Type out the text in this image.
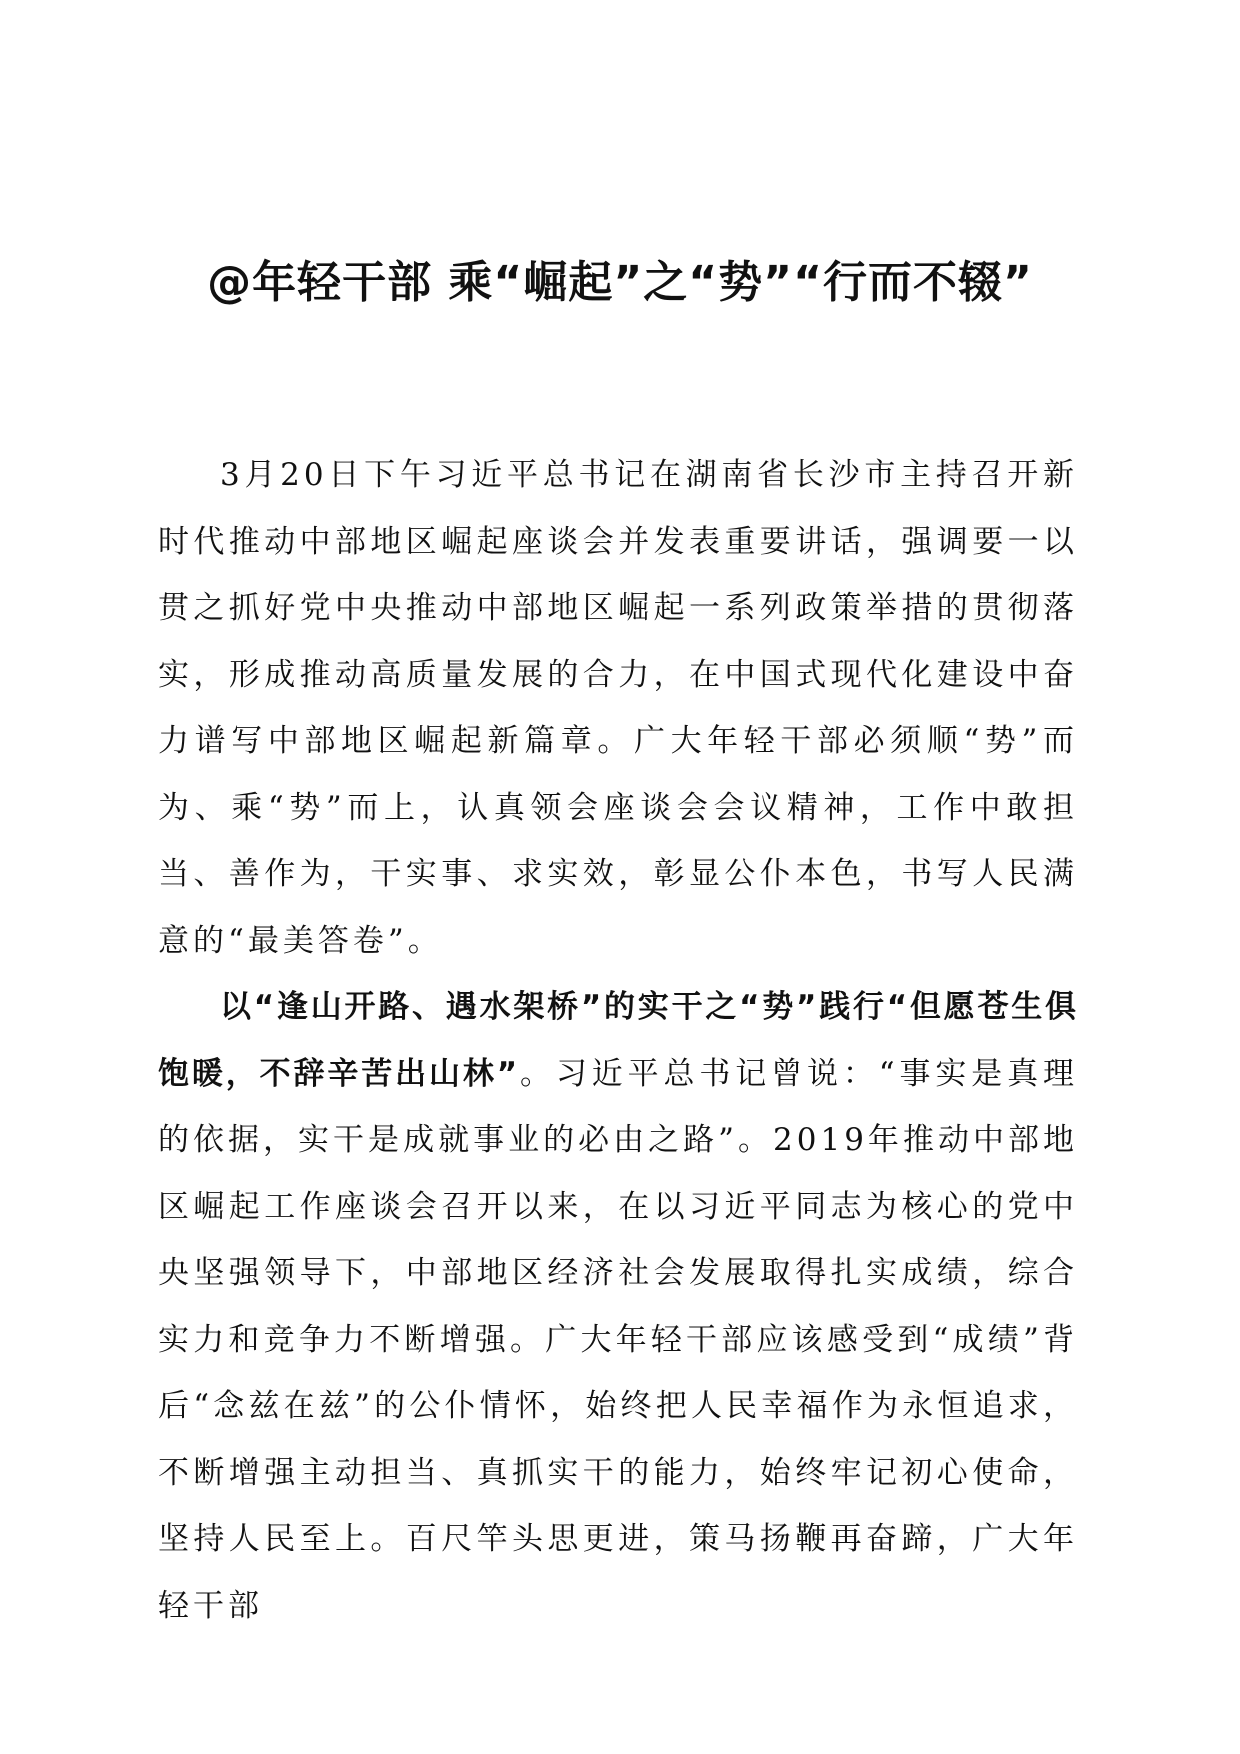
@年轻干部 乘“崛起”之“势”“行而不辍”

3月20日下午习近平总书记在湖南省长沙市主持召开新时代推动中部地区崛起座谈会并发表重要讲话，强调要一以贯之抓好党中央推动中部地区崛起一系列政策举措的贯彻落实，形成推动高质量发展的合力，在中国式现代化建设中奋力谱写中部地区崛起新篇章。广大年轻干部必须顺“势”而为、乘“势”而上，认真领会座谈会会议精神，工作中敢担当、善作为，干实事、求实效，彰显公仆本色，书写人民满意的“最美答卷”。

以“逢山开路、遇水架桥”的实干之“势”践行“但愿苍生俱饱暖，不辞辛苦出山林”。习近平总书记曾说：“事实是真理的依据，实干是成就事业的必由之路”。2019年推动中部地区崛起工作座谈会召开以来，在以习近平同志为核心的党中央坚强领导下，中部地区经济社会发展取得扎实成绩，综合实力和竞争力不断增强。广大年轻干部应该感受到“成绩”背后“念兹在兹”的公仆情怀，始终把人民幸福作为永恒追求，不断增强主动担当、真抓实干的能力，始终牢记初心使命，坚持人民至上。百尺竿头思更进，策马扬鞭再奋蹄，广大年轻干部
